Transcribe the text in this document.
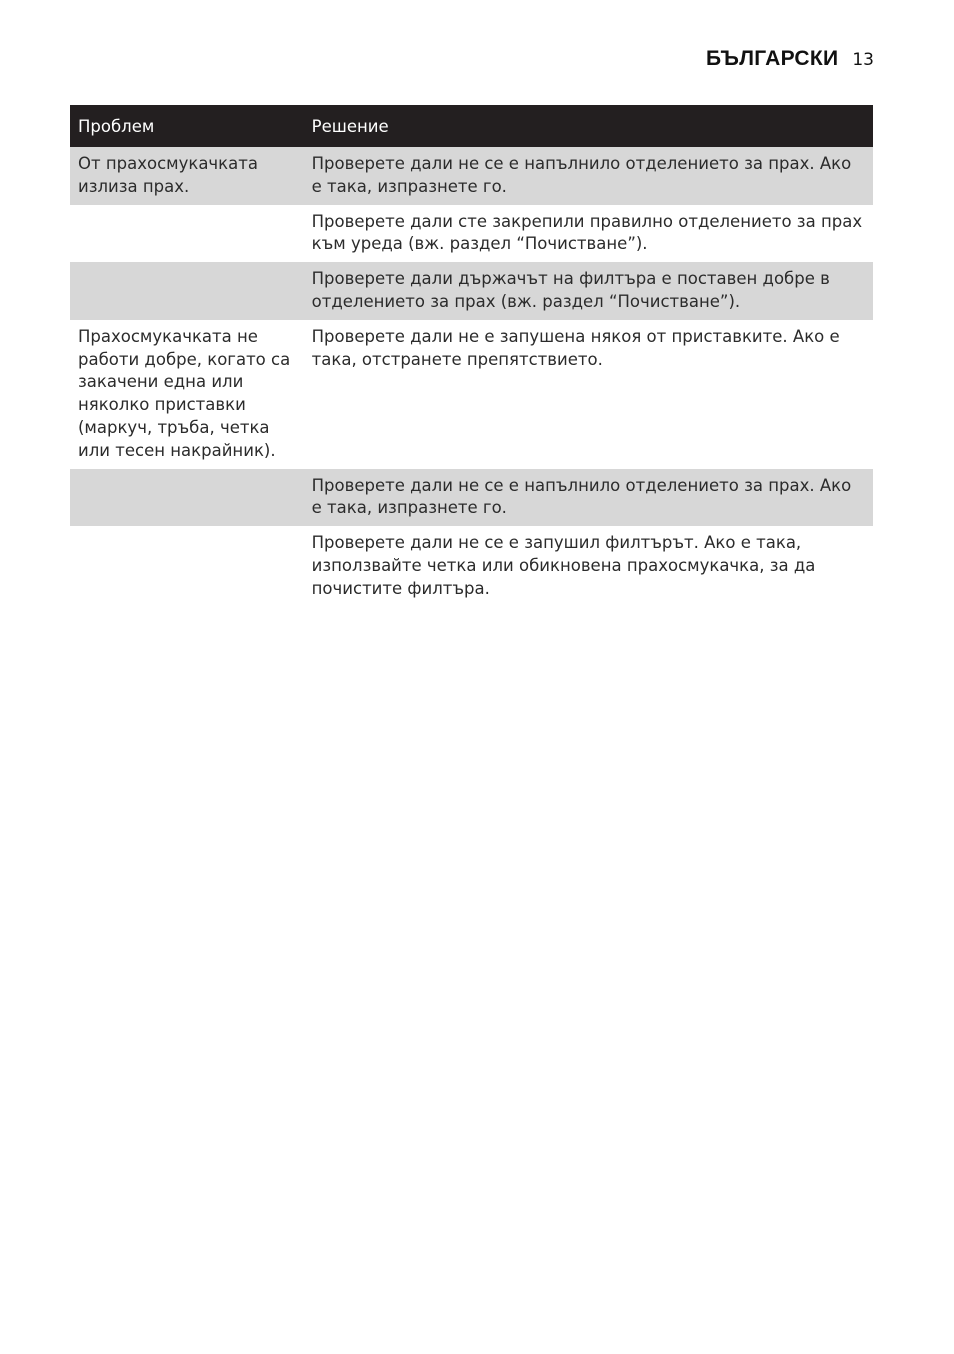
БЪЛГАРСКИ 13
Проблем	Решение
От прахосмукачката излиза прах.	Проверете дали не се е напълнило отделението за прах. Ако е така, изпразнете го.
	Проверете дали сте закрепили правилно отделението за прах към уреда (вж. раздел “Почистване”).
	Проверете дали държачът на филтъра е поставен добре в отделението за прах (вж. раздел “Почистване”).
Прахосмукачката не работи добре, когато са закачени една или няколко приставки (маркуч, тръба, четка или тесен накрайник).	Проверете дали не е запушена някоя от приставките. Ако е така, отстранете препятствието.
	Проверете дали не се е напълнило отделението за прах. Ако е така, изпразнете го.
	Проверете дали не се е запушил филтърът. Ако е така, използвайте четка или обикновена прахосмукачка, за да почистите филтъра.
